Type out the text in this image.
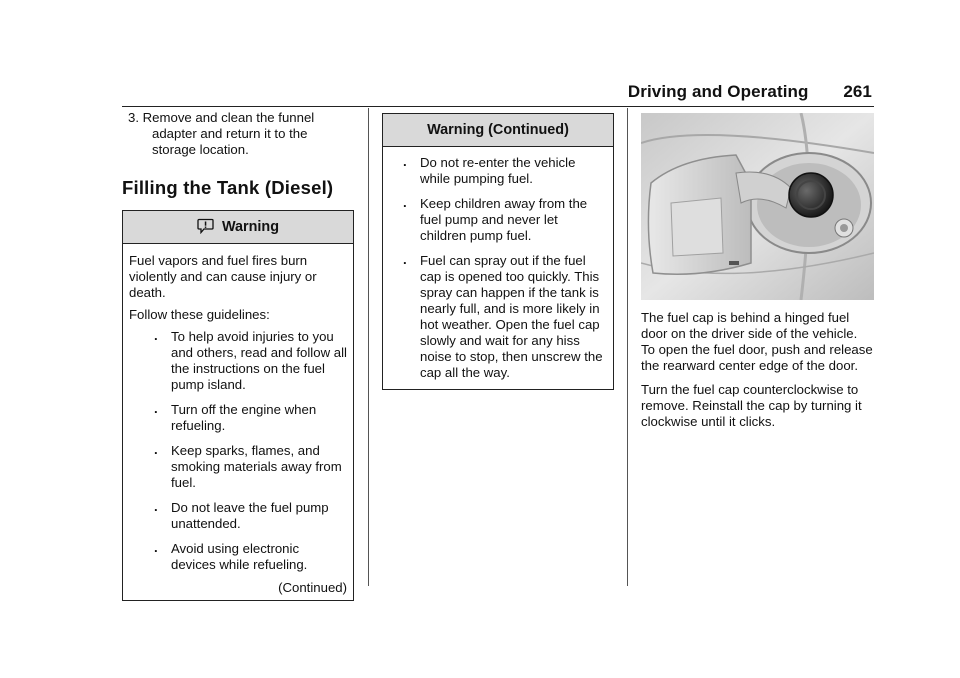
Driving and Operating 261

3. Remove and clean the funnel adapter and return it to the storage location.

Filling the Tank (Diesel)
Warning

Fuel vapors and fuel fires burn violently and can cause injury or death.

Follow these guidelines:

. To help avoid injuries to you and others, read and follow all the instructions on the fuel pump island.
. Turn off the engine when refueling.
. Keep sparks, flames, and smoking materials away from fuel.
. Do not leave the fuel pump unattended.
. Avoid using electronic devices while refueling.
(Continued)
Warning (Continued)
. Do not re-enter the vehicle while pumping fuel.
. Keep children away from the fuel pump and never let children pump fuel.
. Fuel can spray out if the fuel cap is opened too quickly. This spray can happen if the tank is nearly full, and is more likely in hot weather. Open the fuel cap slowly and wait for any hiss noise to stop, then unscrew the cap all the way.

The fuel cap is behind a hinged fuel door on the driver side of the vehicle. To open the fuel door, push and release the rearward center edge of the door.

Turn the fuel cap counterclockwise to remove. Reinstall the cap by turning it clockwise until it clicks.
